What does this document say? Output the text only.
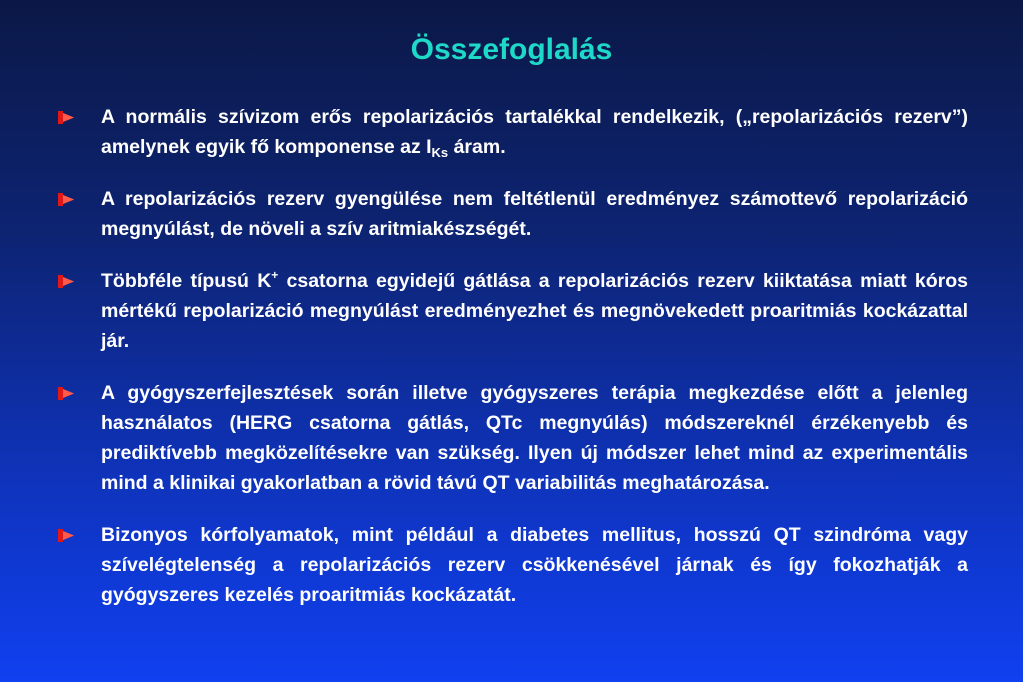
Összefoglalás
A normális szívizom erős repolarizációs tartalékkal rendelkezik, („repolarizációs rezerv”) amelynek egyik fő komponense az $I_{Ks}$ áram.
A repolarizációs rezerv gyengülése nem feltétlenül eredményez számottevő repolarizáció megnyúlást, de növeli a szív aritmiakészségét.
Többféle típusú K+ csatorna egyidejű gátlása a repolarizációs rezerv kiiktatása miatt kóros mértékű repolarizáció megnyúlást eredményezhet és megnövekedett proaritmiás kockázattal jár.
A gyógyszerfejlesztések során illetve gyógyszeres terápia megkezdése előtt a jelenleg használatos (HERG csatorna gátlás, QTc megnyúlás) módszereknél érzékenyebb és prediktívebb megközelítésekre van szükség. Ilyen új módszer lehet mind az experimentális mind a klinikai gyakorlatban a rövid távú QT variabilitás meghatározása.
Bizonyos kórfolyamatok, mint például a diabetes mellitus, hosszú QT szindróma vagy szívelégtelenség a repolarizációs rezerv csökkenésével járnak és így fokozhatják a gyógyszeres kezelés proaritmiás kockázatát.
